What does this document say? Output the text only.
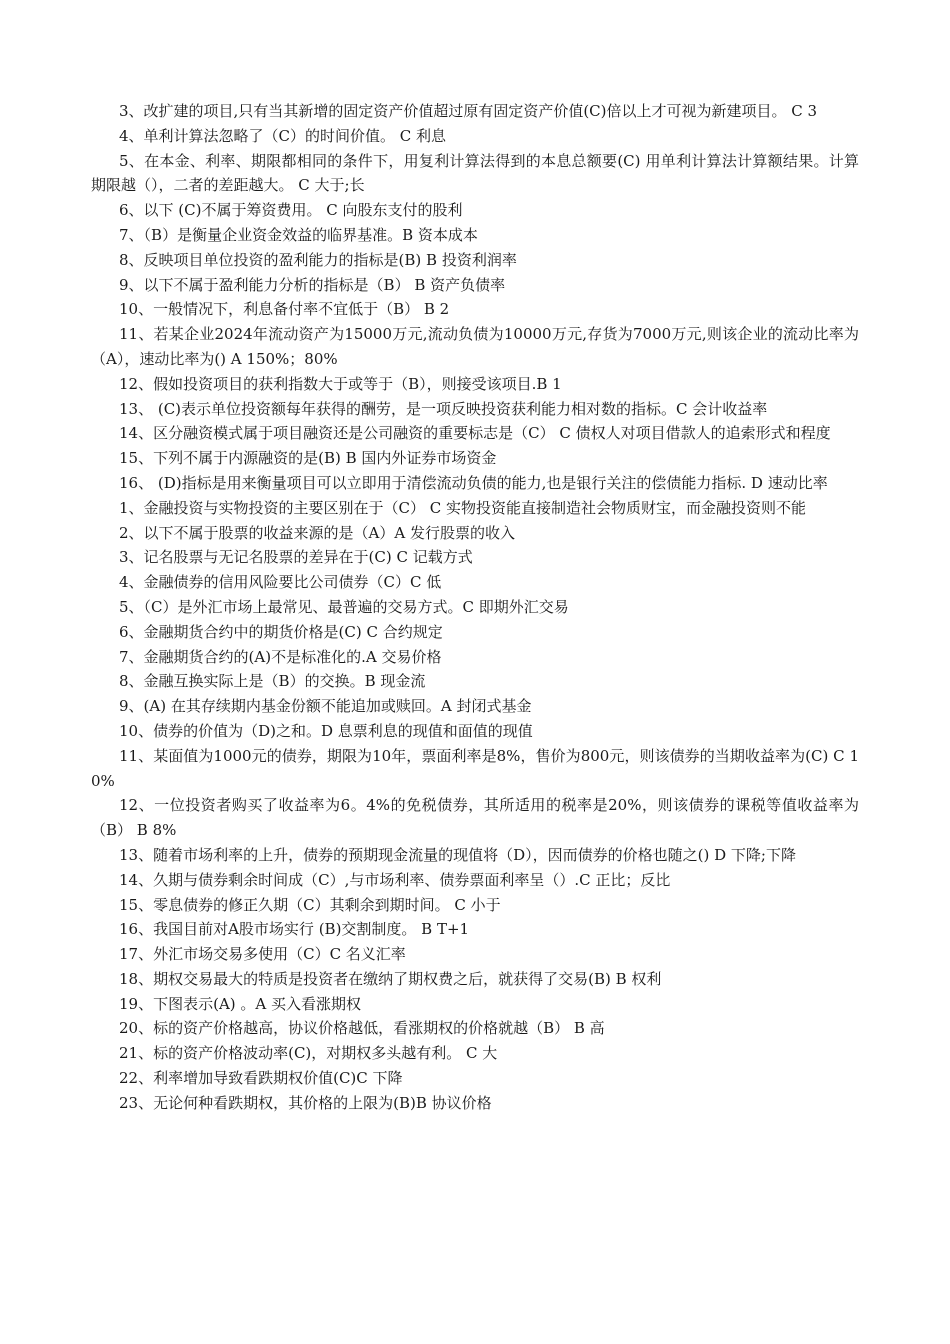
3、改扩建的项目,只有当其新增的固定资产价值超过原有固定资产价值(C)倍以上才可视为新建项目。 C 3

4、单利计算法忽略了（C）的时间价值。 C 利息

5、在本金、利率、期限都相同的条件下，用复利计算法得到的本息总额要(C) 用单利计算法计算额结果。计算期限越（），二者的差距越大。 C 大于;长

6、以下 (C)不属于筹资费用。 C 向股东支付的股利

7、（B）是衡量企业资金效益的临界基准。B 资本成本

8、反映项目单位投资的盈利能力的指标是(B) B 投资利润率

9、以下不属于盈利能力分析的指标是（B） B 资产负债率

10、一般情况下，利息备付率不宜低于（B） B 2

11、若某企业2024年流动资产为15000万元,流动负债为10000万元,存货为7000万元,则该企业的流动比率为（A），速动比率为() A 150%；80%

12、假如投资项目的获利指数大于或等于（B），则接受该项目.B 1

13、 (C)表示单位投资额每年获得的酬劳，是一项反映投资获利能力相对数的指标。C 会计收益率

14、区分融资模式属于项目融资还是公司融资的重要标志是（C） C 债权人对项目借款人的追索形式和程度

15、下列不属于内源融资的是(B) B 国内外证券市场资金

16、 (D)指标是用来衡量项目可以立即用于清偿流动负债的能力,也是银行关注的偿债能力指标. D 速动比率

1、金融投资与实物投资的主要区别在于（C） C 实物投资能直接制造社会物质财宝，而金融投资则不能

2、以下不属于股票的收益来源的是（A）A 发行股票的收入

3、记名股票与无记名股票的差异在于(C) C 记载方式

4、金融债券的信用风险要比公司债券（C）C 低

5、（C）是外汇市场上最常见、最普遍的交易方式。C 即期外汇交易

6、金融期货合约中的期货价格是(C) C 合约规定

7、金融期货合约的(A)不是标准化的.A 交易价格

8、金融互换实际上是（B）的交换。B 现金流

9、(A) 在其存续期内基金份额不能追加或赎回。A 封闭式基金

10、债券的价值为（D)之和。D 息票利息的现值和面值的现值

11、某面值为1000元的债券，期限为10年，票面利率是8%，售价为800元，则该债券的当期收益率为(C) C 10%

12、一位投资者购买了收益率为6。4%的免税债券，其所适用的税率是20%，则该债券的课税等值收益率为（B） B 8%

13、随着市场利率的上升，债券的预期现金流量的现值将（D），因而债券的价格也随之() D 下降;下降

14、久期与债券剩余时间成（C）,与市场利率、债券票面利率呈（）.C 正比；反比

15、零息债券的修正久期（C）其剩余到期时间。 C 小于

16、我国目前对A股市场实行 (B)交割制度。 B T+1

17、外汇市场交易多使用（C）C 名义汇率

18、期权交易最大的特质是投资者在缴纳了期权费之后，就获得了交易(B) B 权利

19、下图表示(A) 。A 买入看涨期权

20、标的资产价格越高，协议价格越低，看涨期权的价格就越（B） B 高

21、标的资产价格波动率(C)，对期权多头越有利。 C 大

22、利率增加导致看跌期权价值(C)C 下降

23、无论何种看跌期权，其价格的上限为(B)B 协议价格
